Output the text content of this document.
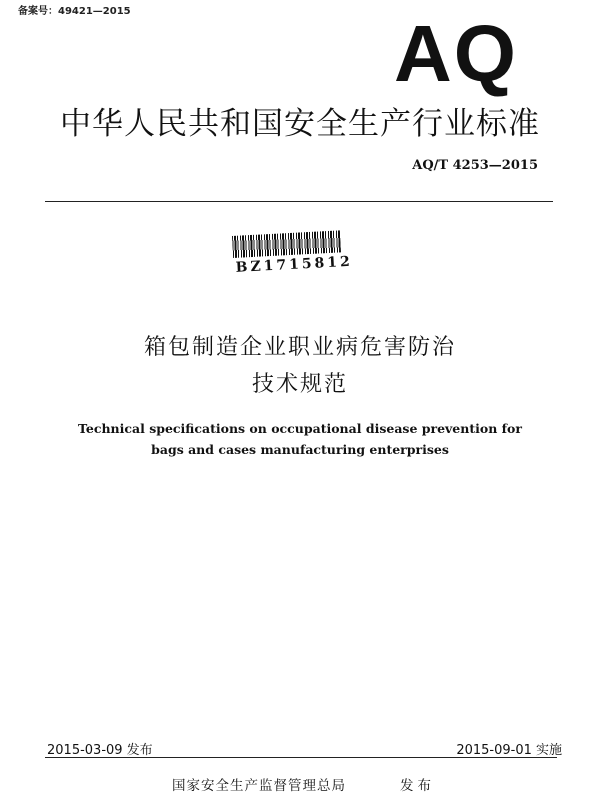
备案号：49421—2015	AQ
中华人民共和国安全生产行业标准
AQ/T 4253—2015
BZ1715812
箱包制造企业职业病危害防治
技术规范
Technical specifications on occupational disease prevention for
bags and cases manufacturing enterprises
2015-03-09 发布	2015-09-01 实施
国家安全生产监督管理总局	发布
